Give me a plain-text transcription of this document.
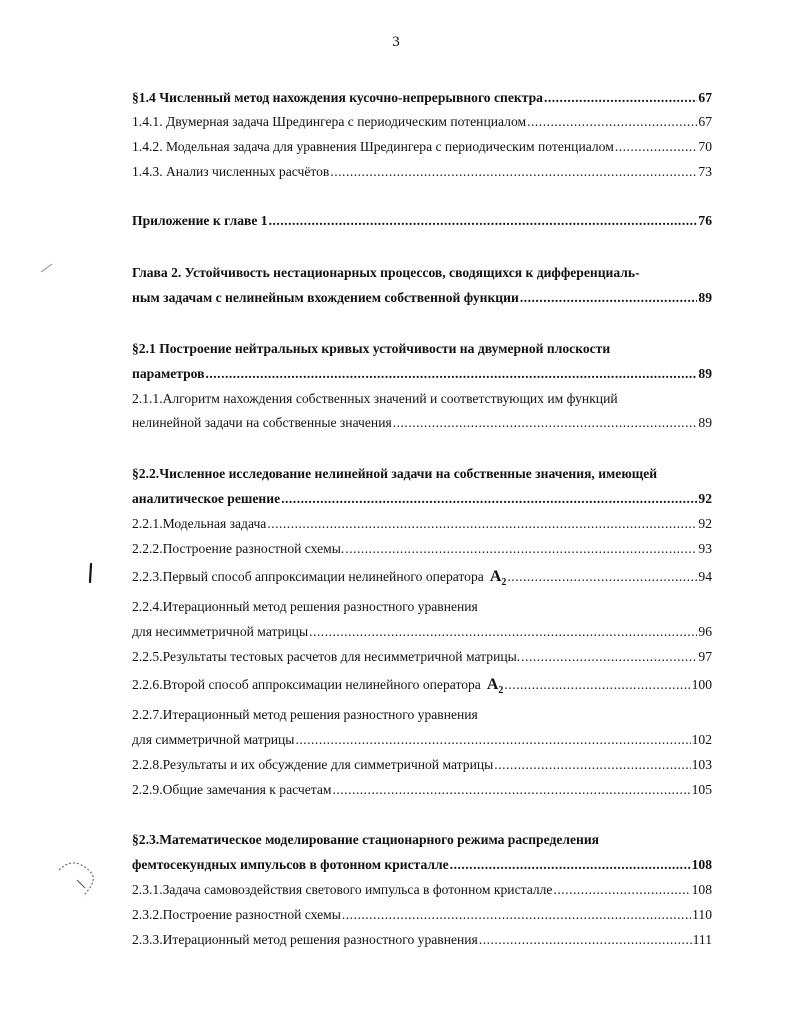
3
§1.4 Численный метод нахождения кусочно-непрерывного спектра .....	67
1.4.1. Двумерная задача Шредингера с периодическим потенциалом .....	67
1.4.2. Модельная задача для уравнения Шредингера с периодическим потенциалом .....	70
1.4.3. Анализ численных расчётов .....	73
Приложение к главе 1 .....	76
Глава 2. Устойчивость нестационарных процессов, сводящихся к дифференциаль-
ным задачам с нелинейным вхождением собственной функции .....	89
§2.1 Построение нейтральных кривых устойчивости на двумерной плоскости
параметров .....	89
2.1.1.Алгоритм нахождения собственных значений и соответствующих им функций
нелинейной задачи на собственные значения .....	89
§2.2.Численное исследование нелинейной задачи на собственные значения, имеющей
аналитическое решение .....	92
2.2.1.Модельная задача .....	92
2.2.2.Построение разностной схемы. .....	93
2.2.3.Первый способ аппроксимации нелинейного оператора $A_2$ .....	94
2.2.4.Итерационный метод решения разностного уравнения
для несимметричной матрицы .....	96
2.2.5.Результаты тестовых расчетов для несимметричной матрицы. .....	97
2.2.6.Второй способ аппроксимации нелинейного оператора $A_2$ .....	100
2.2.7.Итерационный метод решения разностного уравнения
для симметричной матрицы .....	102
2.2.8.Результаты и их обсуждение для симметричной матрицы .....	103
2.2.9.Общие замечания к расчетам .....	105
§2.3.Математическое моделирование стационарного режима распределения
фемтосекундных импульсов в фотонном кристалле .....	108
2.3.1.Задача самовоздействия светового импульса в фотонном кристалле .....	108
2.3.2.Построение разностной схемы .....	110
2.3.3.Итерационный метод решения разностного уравнения .....	111
